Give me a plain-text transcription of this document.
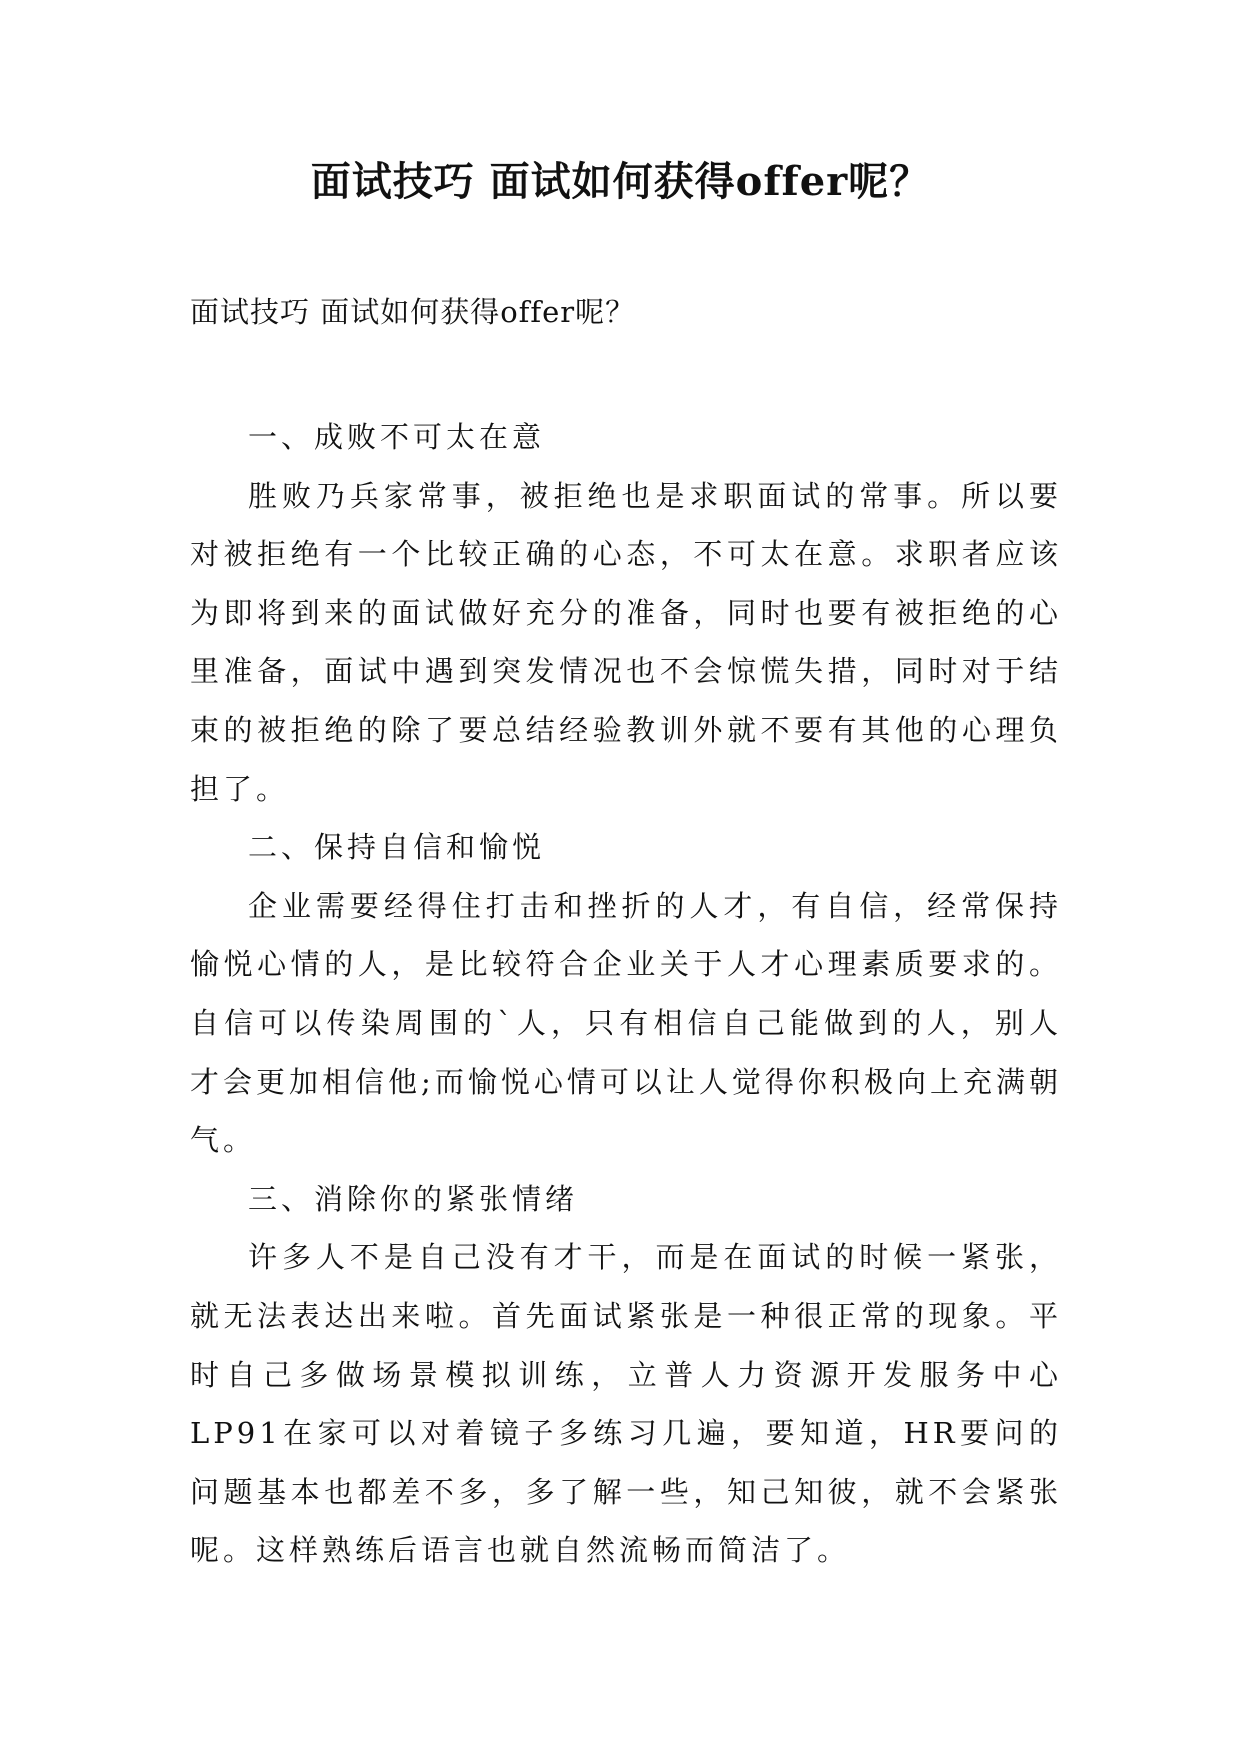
面试技巧 面试如何获得offer呢？
面试技巧 面试如何获得offer呢？

一、成败不可太在意

胜败乃兵家常事，被拒绝也是求职面试的常事。所以要对被拒绝有一个比较正确的心态，不可太在意。求职者应该为即将到来的面试做好充分的准备，同时也要有被拒绝的心里准备，面试中遇到突发情况也不会惊慌失措，同时对于结束的被拒绝的除了要总结经验教训外就不要有其他的心理负担了。

二、保持自信和愉悦

企业需要经得住打击和挫折的人才，有自信，经常保持愉悦心情的人，是比较符合企业关于人才心理素质要求的。自信可以传染周围的`人，只有相信自己能做到的人，别人才会更加相信他;而愉悦心情可以让人觉得你积极向上充满朝气。

三、消除你的紧张情绪

许多人不是自己没有才干，而是在面试的时候一紧张，就无法表达出来啦。首先面试紧张是一种很正常的现象。平时自己多做场景模拟训练，立普人力资源开发服务中心LP91在家可以对着镜子多练习几遍，要知道，HR要问的问题基本也都差不多，多了解一些，知己知彼，就不会紧张呢。这样熟练后语言也就自然流畅而简洁了。
